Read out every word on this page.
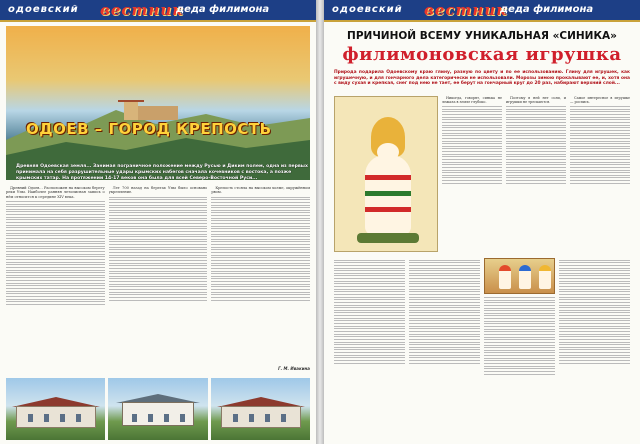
одоевский вестник
деда филимона
ОДОЕВ – ГОРОД КРЕПОСТЬ
Древняя Одоевская земля... Занимая пограничное положение между Русью и Диким полем, одна из первых принимала на себя разрушительные удары крымских набегов сначала кочевников с востока, а позже крымских татар. На протяжении 14-17 веков она была для всей Северо-Восточной Руси...

Древний Одоев... Расположен на высоком берегу реки Упы. Наиболее ранняя летописная запись о нём относится к середине XIV века.

Лет 700 назад на берегах Упы было основано укрепление.

Крепость стояла на высоком холме, окружённом рвом.

Г. М. Ивакина
одоевский вестник
деда филимона
ПРИЧИНОЙ ВСЕМУ УНИКАЛЬНАЯ «СИНИКА»
филимоновская игрушка
Природа подарила Одоевскому краю глину, разную по цвету и по ее использованию. Глину для игрушек, как игрушечную, и для гончарного дела категорически не использовали. Морозы зимою прокалывают ее, и, хотя она с виду сухая и крепкая, снег под нею не тает, ее берут на гончарный круг до 20 раз, набирают верхний слой...

Никогда, говорят, синька не лежала в земле глубоко.

Поэтому в ней нет соли, и игрушки не трескаются.

Самое интересное в игрушке — роспись.
